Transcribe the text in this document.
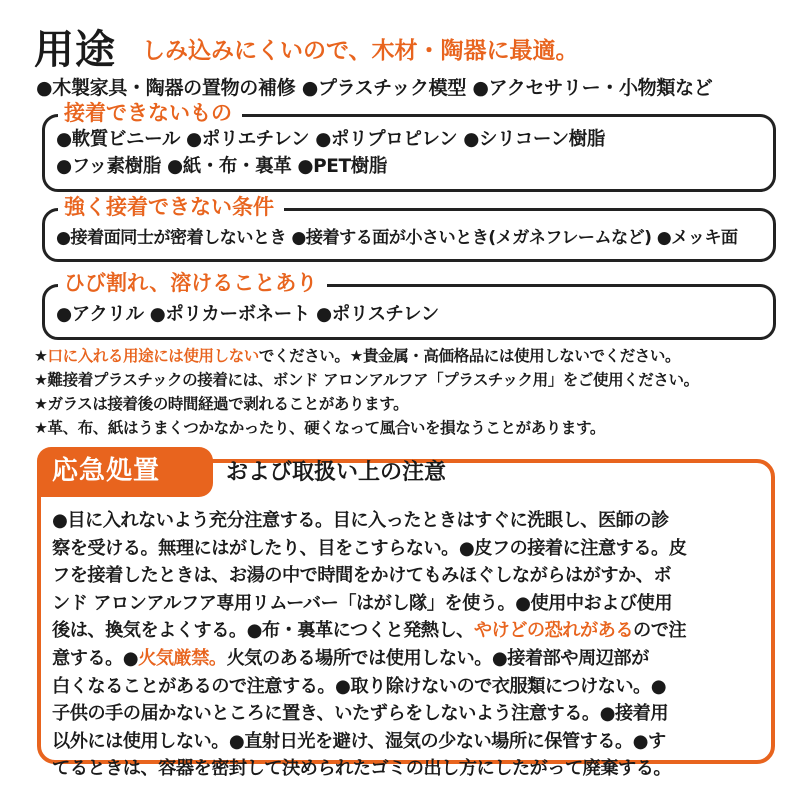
用途 しみ込みにくいので、木材・陶器に最適。
●木製家具・陶器の置物の補修 ●プラスチック模型 ●アクセサリー・小物類など
接着できないもの
●軟質ビニール ●ポリエチレン ●ポリプロピレン ●シリコーン樹脂
●フッ素樹脂 ●紙・布・裏革 ●PET樹脂
強く接着できない条件
●接着面同士が密着しないとき ●接着する面が小さいとき(メガネフレームなど) ●メッキ面
ひび割れ、溶けることあり
●アクリル ●ポリカーボネート ●ポリスチレン
★口に入れる用途には使用しないでください。★貴金属・高価格品には使用しないでください。
★難接着プラスチックの接着には、ボンド アロンアルフア「プラスチック用」をご使用ください。
★ガラスは接着後の時間経過で剥れることがあります。
★革、布、紙はうまくつかなかったり、硬くなって風合いを損なうことがあります。
応急処置	および取扱い上の注意
●目に入れないよう充分注意する。目に入ったときはすぐに洗眼し、医師の診
察を受ける。無理にはがしたり、目をこすらない。●皮フの接着に注意する。皮
フを接着したときは、お湯の中で時間をかけてもみほぐしながらはがすか、ボ
ンド アロンアルフア専用リムーバー「はがし隊」を使う。●使用中および使用
後は、換気をよくする。●布・裏革につくと発熱し、やけどの恐れがあるので注
意する。●火気厳禁。火気のある場所では使用しない。●接着部や周辺部が
白くなることがあるので注意する。●取り除けないので衣服類につけない。●
子供の手の届かないところに置き、いたずらをしないよう注意する。●接着用
以外には使用しない。●直射日光を避け、湿気の少ない場所に保管する。●す
てるときは、容器を密封して決められたゴミの出し方にしたがって廃棄する。
